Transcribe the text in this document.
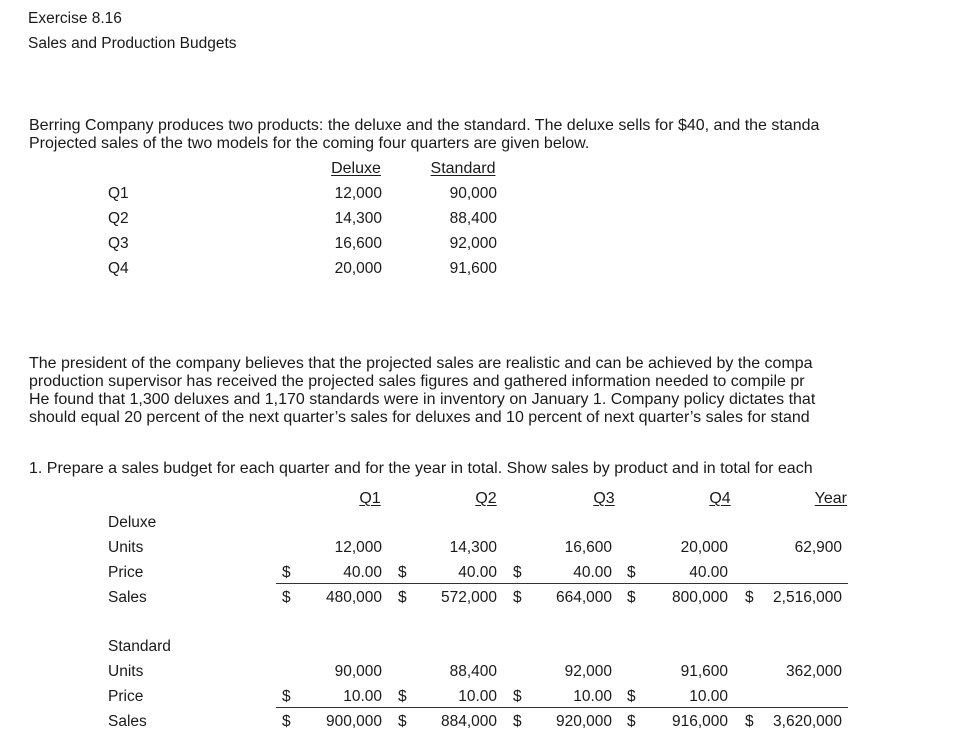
Exercise 8.16
Sales and Production Budgets
Berring Company produces two products: the deluxe and the standard. The deluxe sells for $40, and the standa
Projected sales of the two models for the coming four quarters are given below.
Deluxe	Standard
Q1	12,000	90,000
Q2	14,300	88,400
Q3	16,600	92,000
Q4	20,000	91,600
The president of the company believes that the projected sales are realistic and can be achieved by the compa
production supervisor has received the projected sales figures and gathered information needed to compile pr
He found that 1,300 deluxes and 1,170 standards were in inventory on January 1. Company policy dictates that
should equal 20 percent of the next quarter’s sales for deluxes and 10 percent of next quarter’s sales for stand
1. Prepare a sales budget for each quarter and for the year in total. Show sales by product and in total for each
Q1	Q2	Q3	Q4	Year
Deluxe
Units	12,000	14,300	16,600	20,000	62,900
Price	$	40.00 $	40.00 $	40.00 $	40.00
Sales	$	480,000 $	572,000 $	664,000 $	800,000 $	2,516,000
Standard
Units	90,000	88,400	92,000	91,600	362,000
Price	$	10.00 $	10.00 $	10.00 $	10.00
Sales	$	900,000 $	884,000 $	920,000 $	916,000 $	3,620,000
